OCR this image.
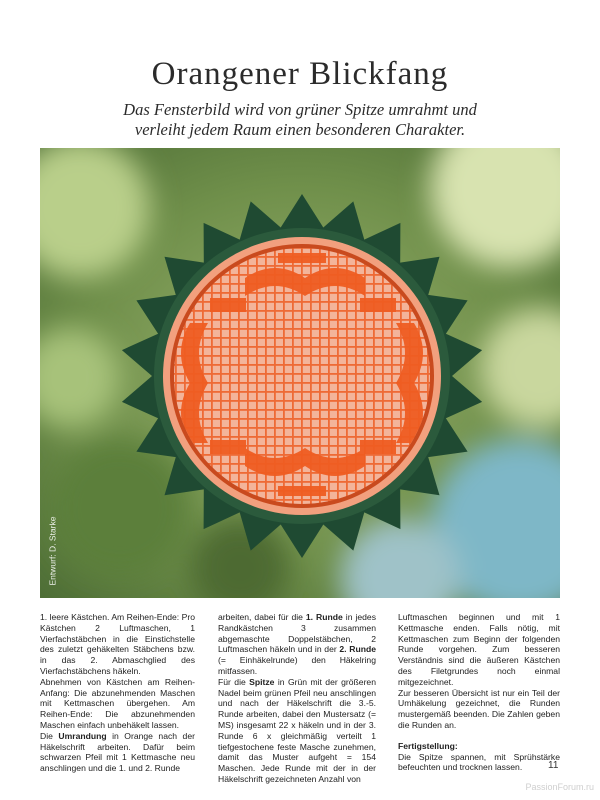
Orangener Blickfang
Das Fensterbild wird von grüner Spitze umrahmt und
verleiht jedem Raum einen besonderen Charakter.
Entwurf: D. Starke

1. leere Kästchen. Am Reihen-Ende: Pro Kästchen 2 Luftmaschen, 1 Vierfachstäbchen in die Einstichstelle des zuletzt gehäkelten Stäbchens bzw. in das 2. Abmaschglied des Vierfachstäbchens häkeln.

Abnehmen von Kästchen am Reihen-Anfang: Die abzunehmenden Maschen mit Kettmaschen übergehen. Am Reihen-Ende: Die abzunehmenden Maschen einfach unbehäkelt lassen.

Die Umrandung in Orange nach der Häkelschrift arbeiten. Dafür beim schwarzen Pfeil mit 1 Kettmasche neu anschlingen und die 1. und 2. Runde

arbeiten, dabei für die 1. Runde in jedes Randkästchen 3 zusammen abgemaschte Doppelstäbchen, 2 Luftmaschen häkeln und in der 2. Runde (= Einhäkelrunde) den Häkelring mitfassen.

Für die Spitze in Grün mit der größeren Nadel beim grünen Pfeil neu anschlingen und nach der Häkelschrift die 3.-5. Runde arbeiten, dabei den Mustersatz (= MS) insgesamt 22 x häkeln und in der 3. Runde 6 x gleichmäßig verteilt 1 tiefgestochene feste Masche zunehmen, damit das Muster aufgeht = 154 Maschen. Jede Runde mit der in der Häkelschrift gezeichneten Anzahl von

Luftmaschen beginnen und mit 1 Kettmasche enden. Falls nötig, mit Kettmaschen zum Beginn der folgenden Runde vorgehen. Zum besseren Verständnis sind die äußeren Kästchen des Filetgrundes noch einmal mitgezeichnet.

Zur besseren Übersicht ist nur ein Teil der Umhäkelung gezeichnet, die Runden mustergemäß beenden. Die Zahlen geben die Runden an.

Fertigstellung:

Die Spitze spannen, mit Sprühstärke befeuchten und trocknen lassen.	11
PassionForum.ru
